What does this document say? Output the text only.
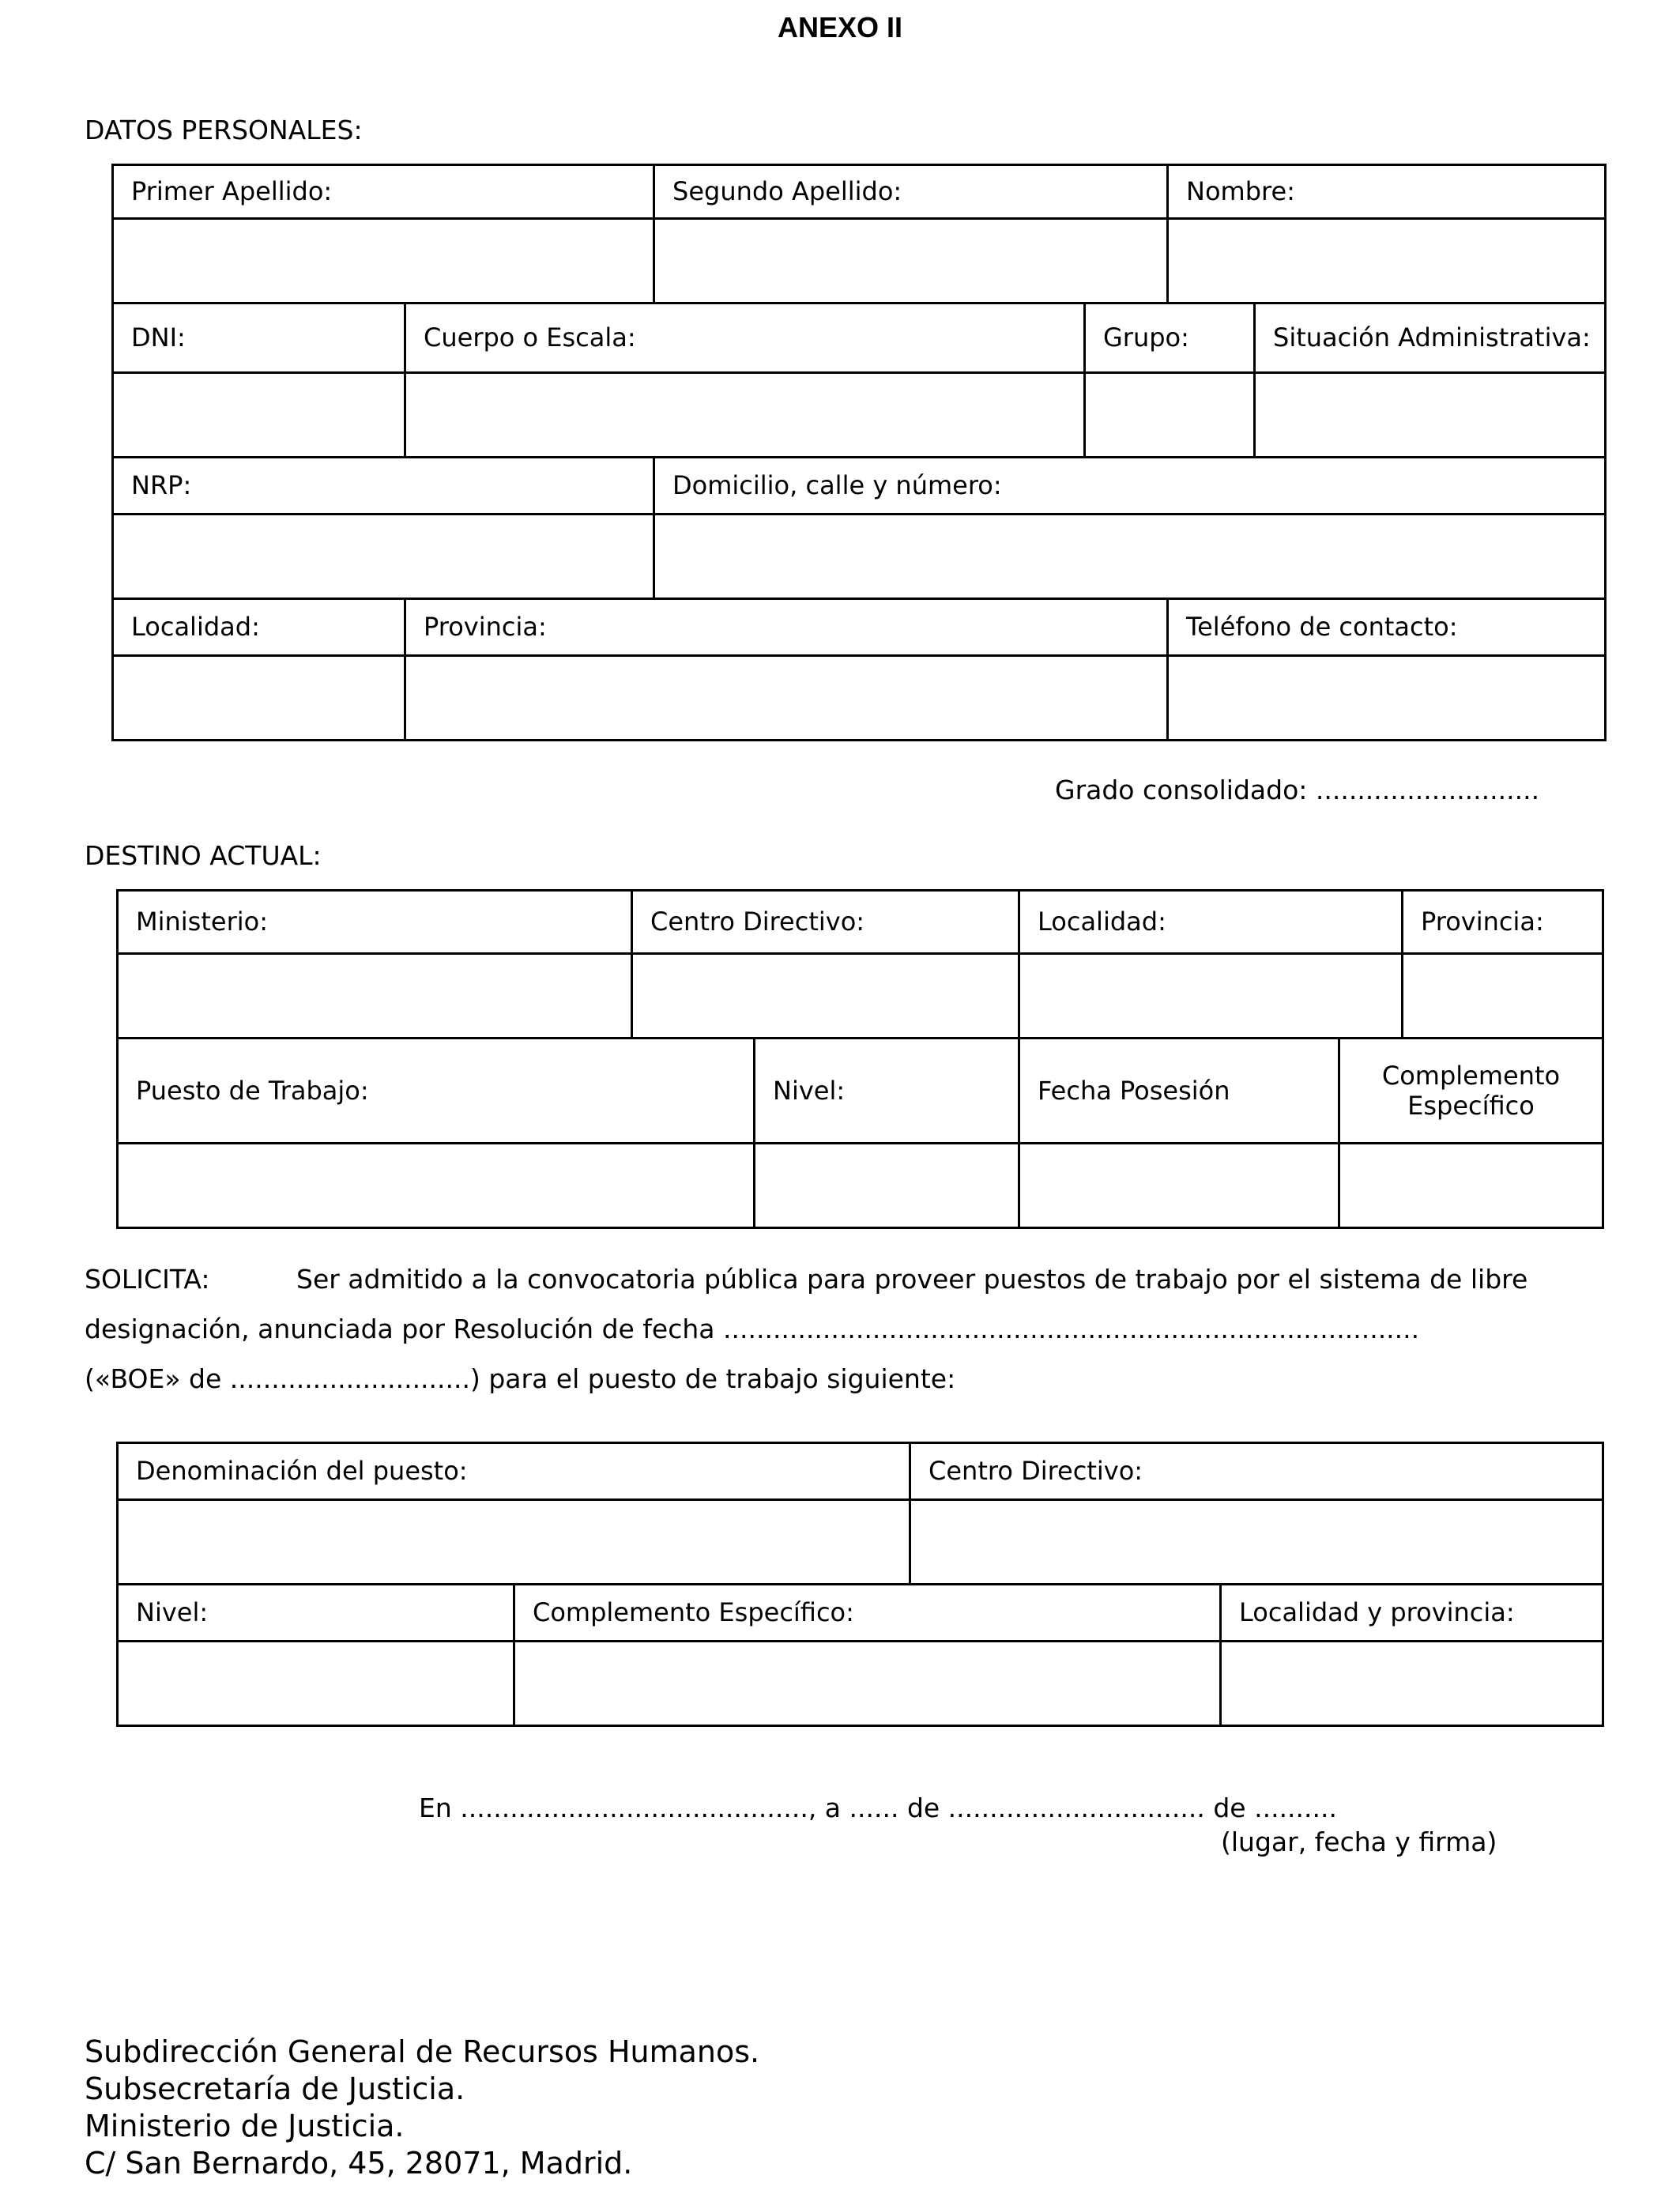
ANEXO II
DATOS PERSONALES:
Primer Apellido:	Segundo Apellido:	Nombre:

DNI:	Cuerpo o Escala:	Grupo:	Situación Administrativa:

NRP:	Domicilio, calle y número:

Localidad:	Provincia:	Teléfono de contacto:

Grado consolidado: ...........................
DESTINO ACTUAL:
Ministerio:	Centro Directivo:	Localidad:	Provincia:

Puesto de Trabajo:	Nivel:	Fecha Posesión	Complemento Específico

SOLICITA:	Ser admitido a la convocatoria pública para proveer puestos de trabajo por el sistema de libre
designación, anunciada por Resolución de fecha ....................................................................................
(«BOE» de .............................) para el puesto de trabajo siguiente:
Denominación del puesto:	Centro Directivo:

Nivel:	Complemento Específico:	Localidad y provincia:

En .........................................., a ...... de ............................... de ..........
(lugar, fecha y firma)
Subdirección General de Recursos Humanos.
Subsecretaría de Justicia.
Ministerio de Justicia.
C/ San Bernardo, 45, 28071, Madrid.
